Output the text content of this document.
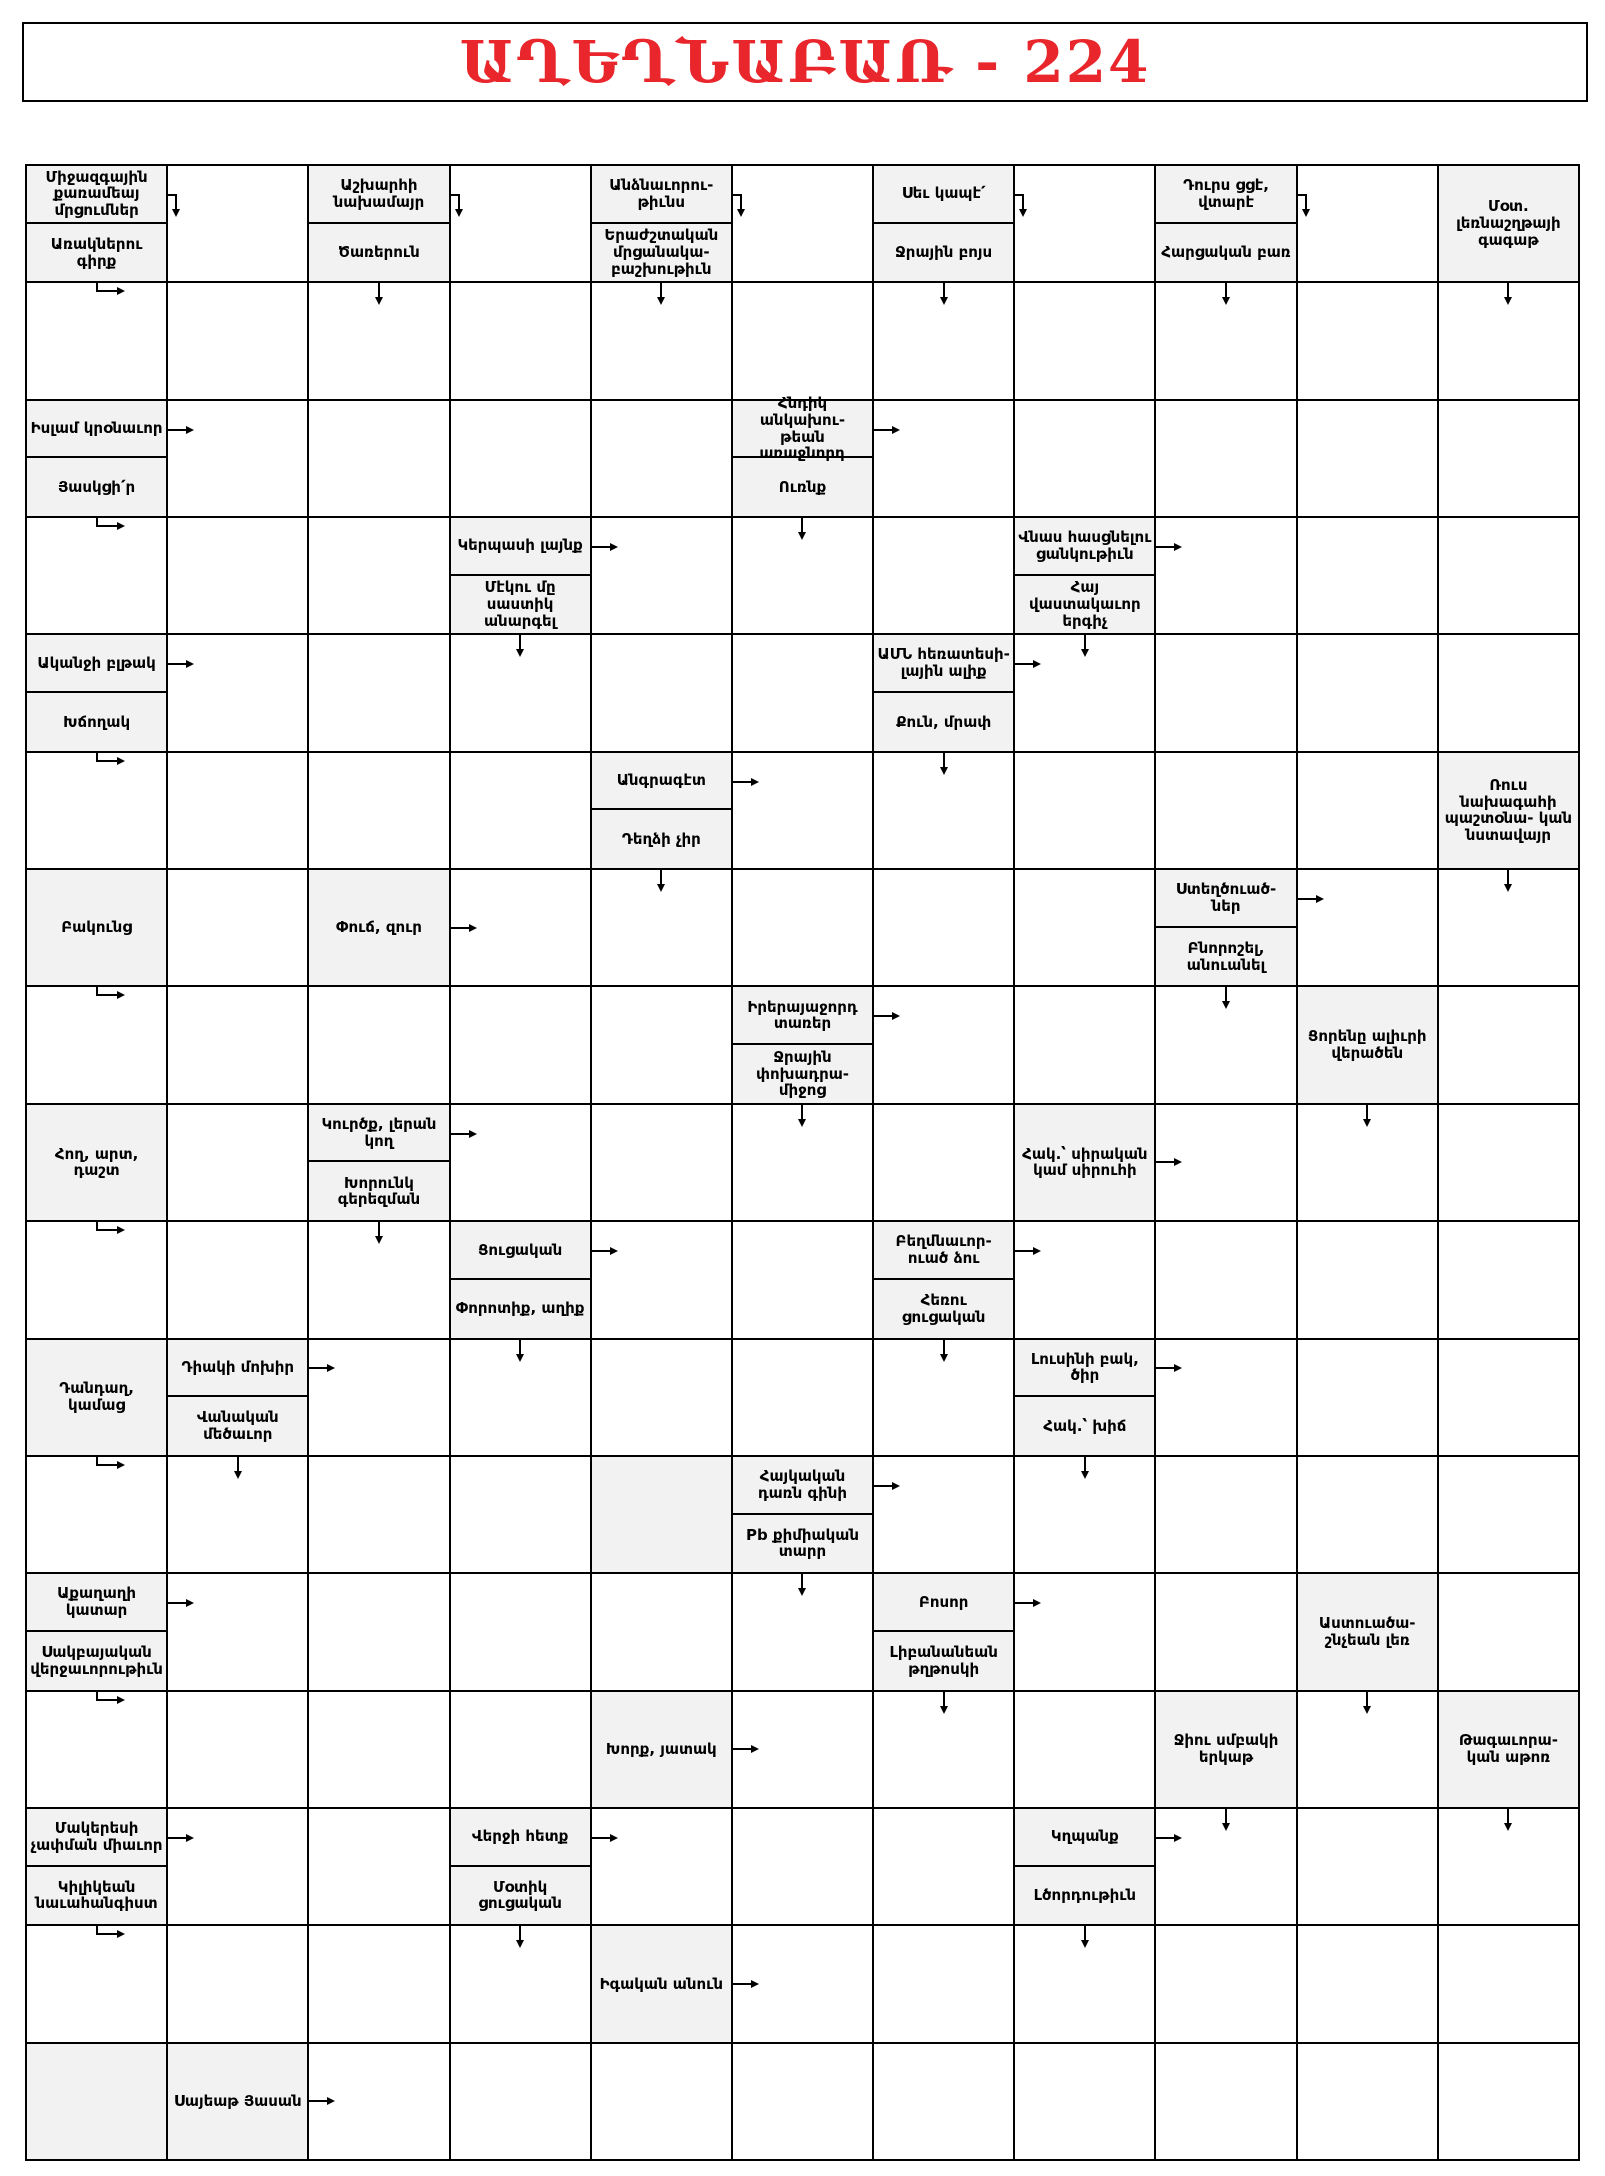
ԱՂԵՂՆԱԲԱՌ - 224
Միջազգային քառամեայ մրցումներ
Առակներու գիրք
Աշխարհի նախամայր
Ծառերուն
Անձնաւորու- թիւնս
Երաժշտական մրցանակա- բաշխութիւն
Սեւ կապէ՛
Ջրային բոյս
Դուրս ցցէ, վտարէ
Հարցական բառ
Մօտ. լեռնաշղթայի գագաթ
Իսլամ կրօնաւոր
Յասկցի՛ր
Հնդիկ անկախու- թեան առաջնորդ
Ուռնք
Կերպասի լայնք
Մէկու մը սաստիկ անարգել
Վնաս հասցնելու ցանկութիւն
Հայ վաստակաւոր երգիչ
Ականջի բլթակ
Խճողակ
ԱՄՆ հեռատեսի- լային ալիք
Քուն, մրափ
Անգրագէտ
Դեղձի չիր
Ռուս նախագահի պաշտօնա- կան նստավայր
Բակունց	Փուճ, զուր
Ստեղծուած- ներ
Բնորոշել, անուանել
Իրերայաջորդ տառեր
Ջրային փոխադրա- միջոց
Ցորենը ալիւրի վերածեն
Հող, արտ, դաշտ
Կուրծք, լերան կող
Խորունկ գերեզման
Հակ.՝ սիրական կամ սիրուհի
Ցուցական
Փորոտիք, աղիք
Բեղմնաւոր- ուած ձու
Հեռու ցուցական
Դանդաղ, կամաց
Դիակի մոխիր
Վանական մեծաւոր
Լուսինի բակ, ծիր
Հակ.՝ խիճ
Հայկական դառն գինի
Pb քիմիական տարր
Աքաղաղի կատար
Սակբայական վերջաւորութիւն
Բոսոր
Լիբանանեան թղթոսկի
Աստուածա- շնչեան լեռ
Խորք, յատակ	Ջիու սմբակի երկաթ
Թագաւորա- կան աթոռ
Մակերեսի չափման միաւոր
Կիլիկեան նաւահանգիստ
Վերջի հետք
Մօտիկ ցուցական
Կղպանք
Լծորդութիւն
Իգական անուն
Սայեաթ Յասան
